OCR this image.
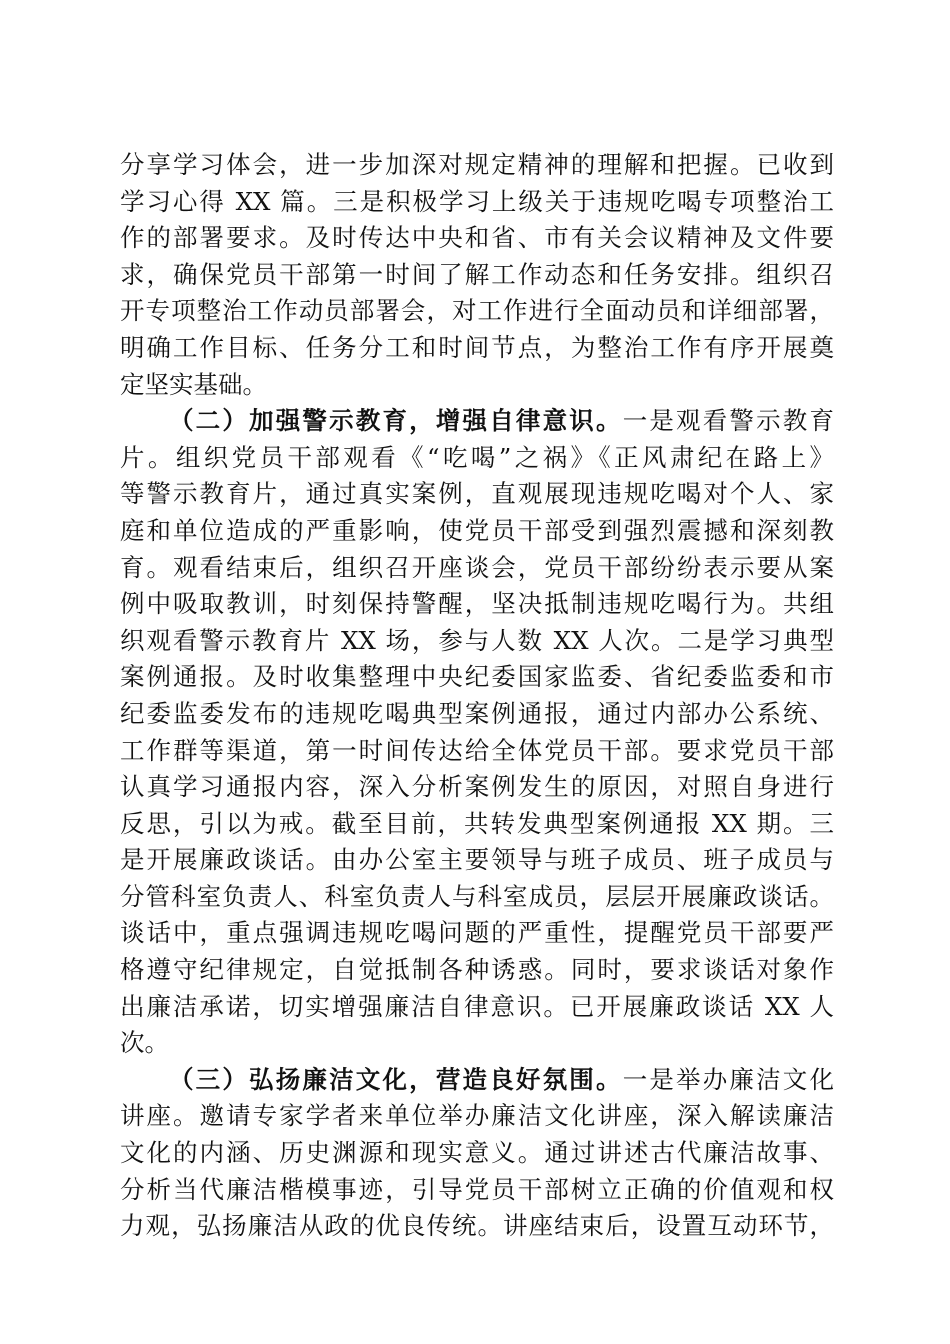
分享学习体会，进一步加深对规定精神的理解和把握。已收到
学习心得 XX 篇。三是积极学习上级关于违规吃喝专项整治工
作的部署要求。及时传达中央和省、市有关会议精神及文件要
求，确保党员干部第一时间了解工作动态和任务安排。组织召
开专项整治工作动员部署会，对工作进行全面动员和详细部署，
明确工作目标、任务分工和时间节点，为整治工作有序开展奠
定坚实基础。
（二）加强警示教育，增强自律意识。一是观看警示教育
片。组织党员干部观看《“吃喝”之祸》《正风肃纪在路上》
等警示教育片，通过真实案例，直观展现违规吃喝对个人、家
庭和单位造成的严重影响，使党员干部受到强烈震撼和深刻教
育。观看结束后，组织召开座谈会，党员干部纷纷表示要从案
例中吸取教训，时刻保持警醒，坚决抵制违规吃喝行为。共组
织观看警示教育片 XX 场，参与人数 XX 人次。二是学习典型
案例通报。及时收集整理中央纪委国家监委、省纪委监委和市
纪委监委发布的违规吃喝典型案例通报，通过内部办公系统、
工作群等渠道，第一时间传达给全体党员干部。要求党员干部
认真学习通报内容，深入分析案例发生的原因，对照自身进行
反思，引以为戒。截至目前，共转发典型案例通报 XX 期。三
是开展廉政谈话。由办公室主要领导与班子成员、班子成员与
分管科室负责人、科室负责人与科室成员，层层开展廉政谈话。
谈话中，重点强调违规吃喝问题的严重性，提醒党员干部要严
格遵守纪律规定，自觉抵制各种诱惑。同时，要求谈话对象作
出廉洁承诺，切实增强廉洁自律意识。已开展廉政谈话 XX 人
次。
（三）弘扬廉洁文化，营造良好氛围。一是举办廉洁文化
讲座。邀请专家学者来单位举办廉洁文化讲座，深入解读廉洁
文化的内涵、历史渊源和现实意义。通过讲述古代廉洁故事、
分析当代廉洁楷模事迹，引导党员干部树立正确的价值观和权
力观，弘扬廉洁从政的优良传统。讲座结束后，设置互动环节，
